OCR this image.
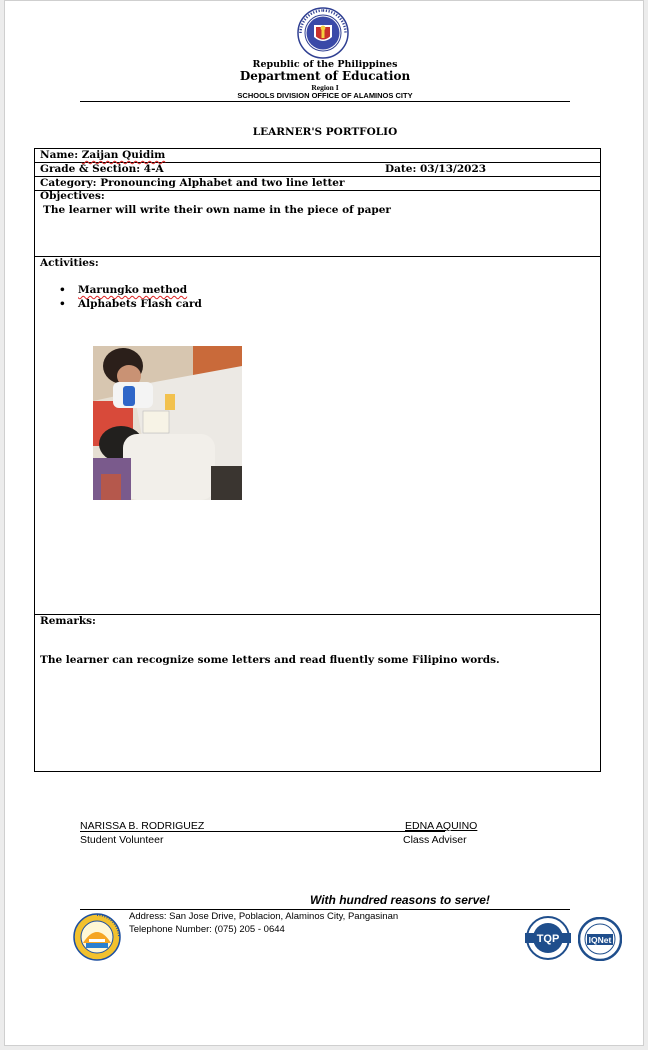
Republic of the Philippines
Department of Education
Region I
SCHOOLS DIVISION OFFICE OF ALAMINOS CITY
LEARNER'S PORTFOLIO
Name: Zaijan Quidim
Grade & Section: 4-A	Date: 03/13/2023
Category: Pronouncing Alphabet and two line letter
Objectives:
The learner will write their own name in the piece of paper
Activities:
• Marungko method
• Alphabets Flash card
Remarks:
The learner can recognize some letters and read fluently some Filipino words.
NARISSA B. RODRIGUEZ
Student Volunteer
EDNA AQUINO
Class Adviser
With hundred reasons to serve!
Address: San Jose Drive, Poblacion, Alaminos City, Pangasinan
Telephone Number: (075) 205 - 0644
TQP	IQNet
